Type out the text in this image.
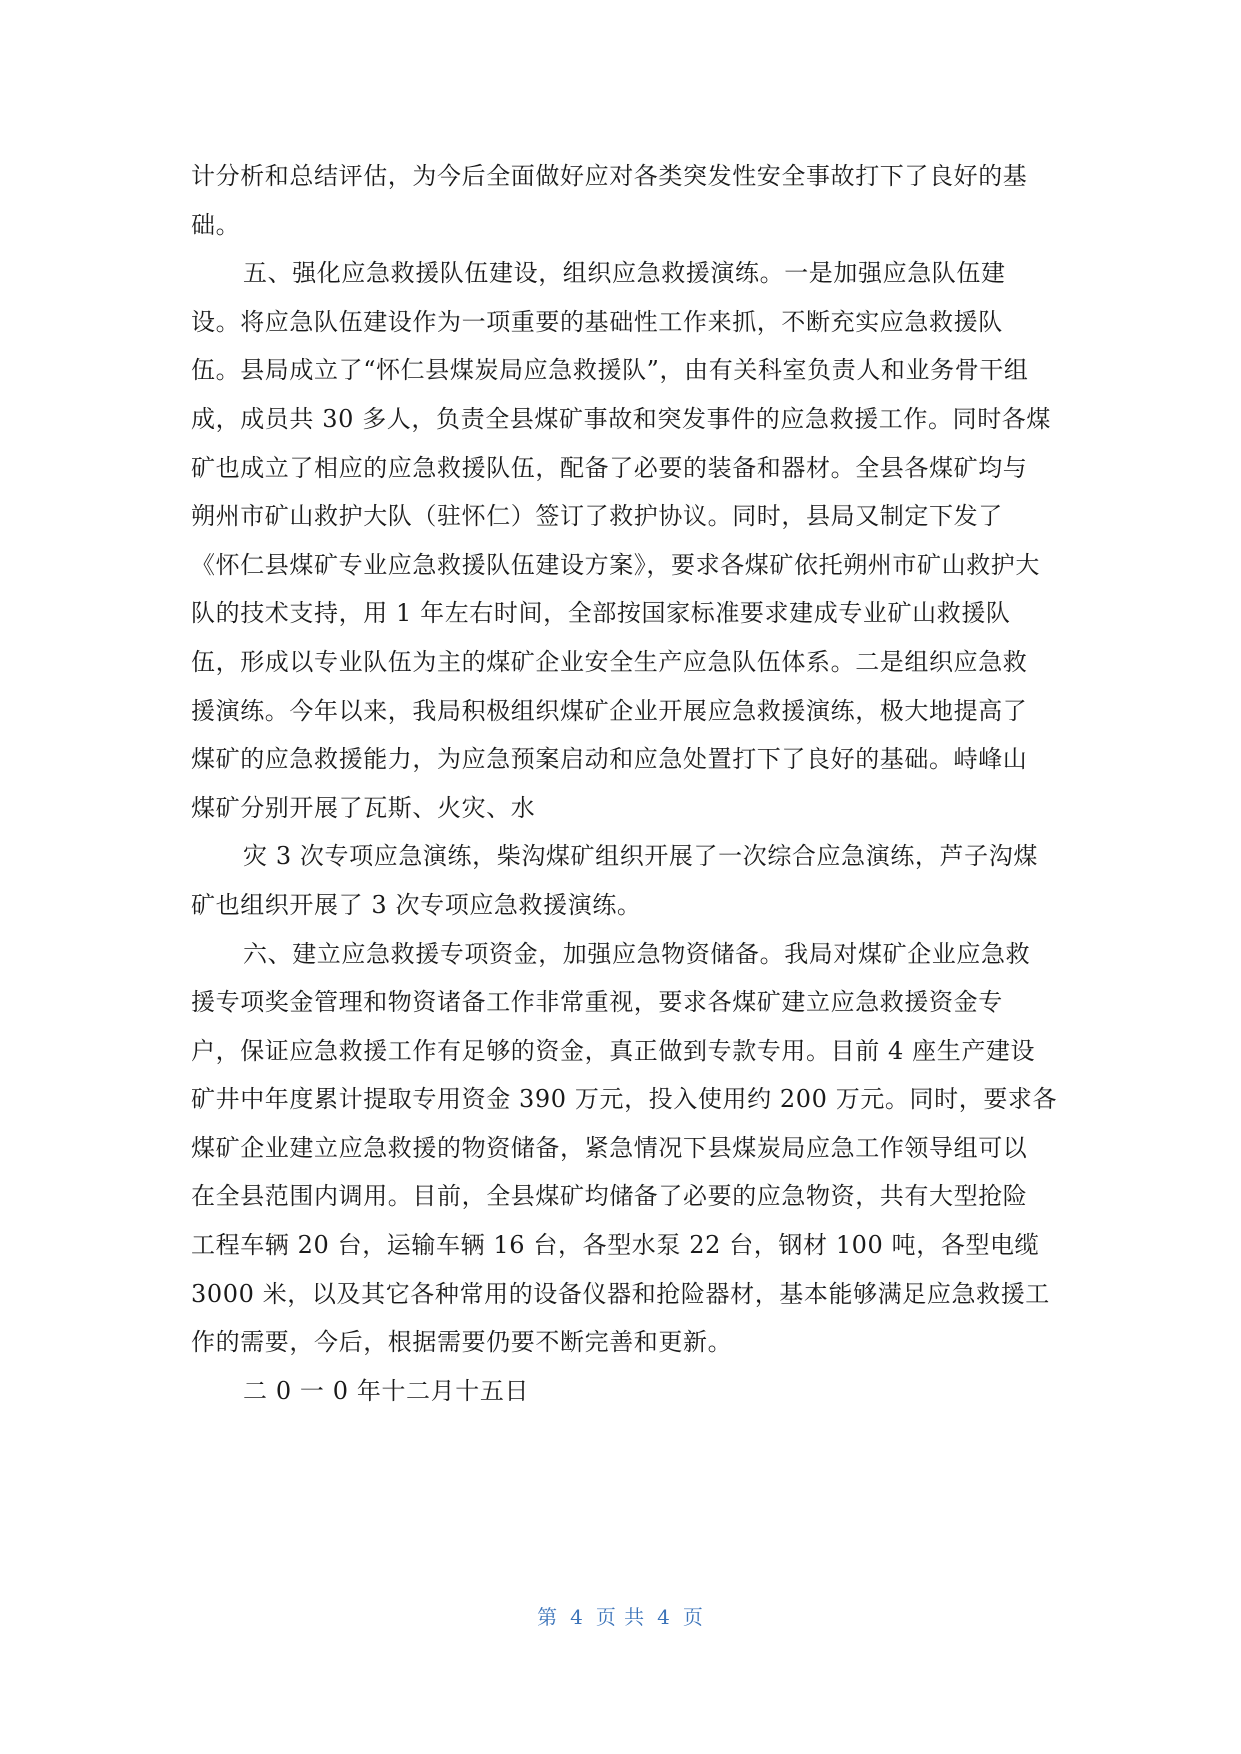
计分析和总结评估，为今后全面做好应对各类突发性安全事故打下了良好的基
础。
五、强化应急救援队伍建设，组织应急救援演练。一是加强应急队伍建
设。将应急队伍建设作为一项重要的基础性工作来抓，不断充实应急救援队
伍。县局成立了“怀仁县煤炭局应急救援队”，由有关科室负责人和业务骨干组
成，成员共 30 多人，负责全县煤矿事故和突发事件的应急救援工作。同时各煤
矿也成立了相应的应急救援队伍，配备了必要的装备和器材。全县各煤矿均与
朔州市矿山救护大队（驻怀仁）签订了救护协议。同时，县局又制定下发了
《怀仁县煤矿专业应急救援队伍建设方案》，要求各煤矿依托朔州市矿山救护大
队的技术支持，用 1 年左右时间，全部按国家标准要求建成专业矿山救援队
伍，形成以专业队伍为主的煤矿企业安全生产应急队伍体系。二是组织应急救
援演练。今年以来，我局积极组织煤矿企业开展应急救援演练，极大地提高了
煤矿的应急救援能力，为应急预案启动和应急处置打下了良好的基础。峙峰山
煤矿分别开展了瓦斯、火灾、水
灾 3 次专项应急演练，柴沟煤矿组织开展了一次综合应急演练，芦子沟煤
矿也组织开展了 3 次专项应急救援演练。
六、建立应急救援专项资金，加强应急物资储备。我局对煤矿企业应急救
援专项奖金管理和物资诸备工作非常重视，要求各煤矿建立应急救援资金专
户，保证应急救援工作有足够的资金，真正做到专款专用。目前 4 座生产建设
矿井中年度累计提取专用资金 390 万元，投入使用约 200 万元。同时，要求各
煤矿企业建立应急救援的物资储备，紧急情况下县煤炭局应急工作领导组可以
在全县范围内调用。目前，全县煤矿均储备了必要的应急物资，共有大型抢险
工程车辆 20 台，运输车辆 16 台，各型水泵 22 台，钢材 100 吨，各型电缆
3000 米，以及其它各种常用的设备仪器和抢险器材，基本能够满足应急救援工
作的需要，今后，根据需要仍要不断完善和更新。
二 0 一 0 年十二月十五日
第 4 页 共 4 页
